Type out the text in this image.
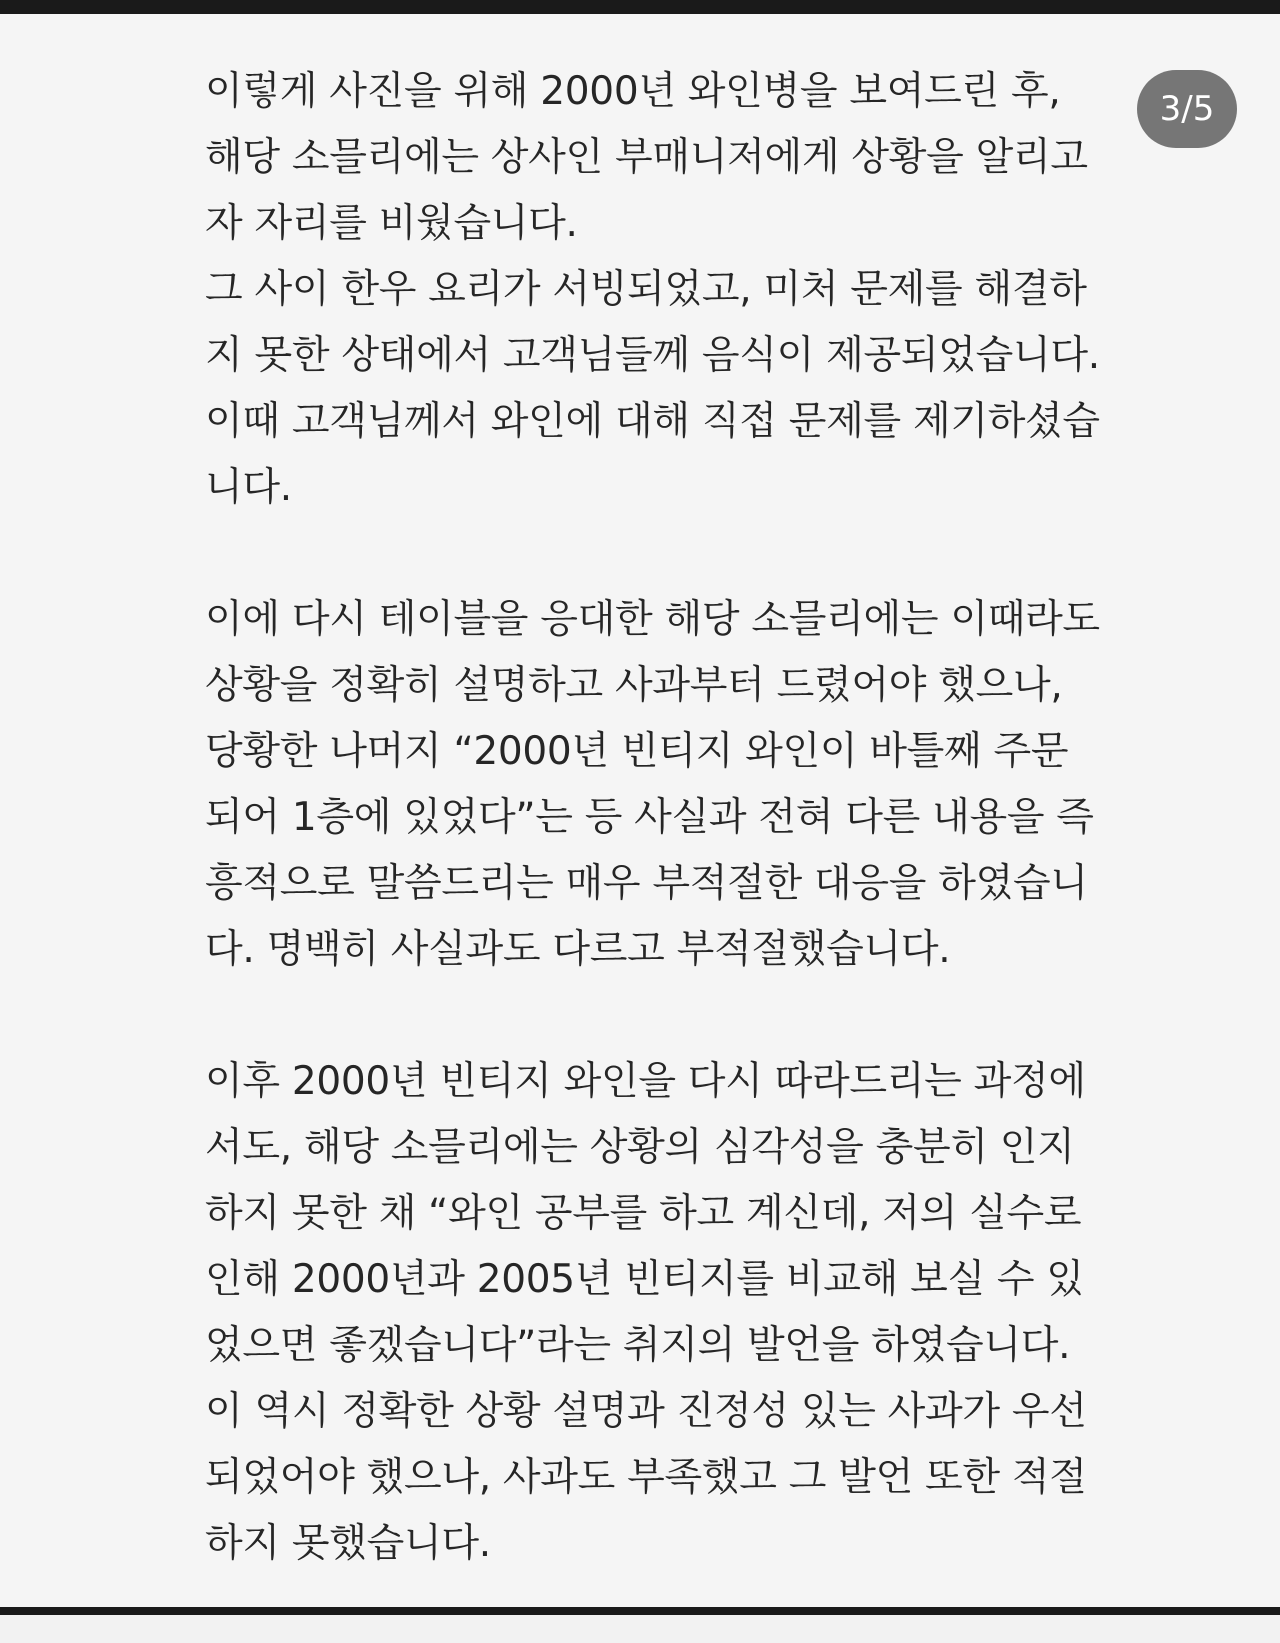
3/5
이렇게 사진을 위해 2000년 와인병을 보여드린 후,
해당 소믈리에는 상사인 부매니저에게 상황을 알리고
자 자리를 비웠습니다.
그 사이 한우 요리가 서빙되었고, 미처 문제를 해결하
지 못한 상태에서 고객님들께 음식이 제공되었습니다.
이때 고객님께서 와인에 대해 직접 문제를 제기하셨습
니다.
이에 다시 테이블을 응대한 해당 소믈리에는 이때라도
상황을 정확히 설명하고 사과부터 드렸어야 했으나,
당황한 나머지 “2000년 빈티지 와인이 바틀째 주문
되어 1층에 있었다”는 등 사실과 전혀 다른 내용을 즉
흥적으로 말씀드리는 매우 부적절한 대응을 하였습니
다. 명백히 사실과도 다르고 부적절했습니다.
이후 2000년 빈티지 와인을 다시 따라드리는 과정에
서도, 해당 소믈리에는 상황의 심각성을 충분히 인지
하지 못한 채 “와인 공부를 하고 계신데, 저의 실수로
인해 2000년과 2005년 빈티지를 비교해 보실 수 있
었으면 좋겠습니다”라는 취지의 발언을 하였습니다.
이 역시 정확한 상황 설명과 진정성 있는 사과가 우선
되었어야 했으나, 사과도 부족했고 그 발언 또한 적절
하지 못했습니다.
